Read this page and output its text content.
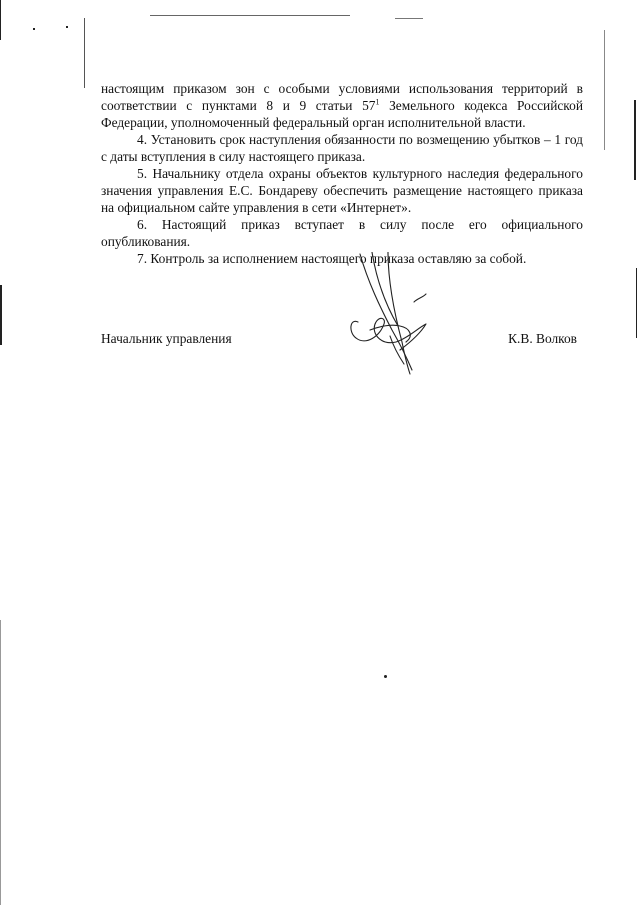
настоящим приказом зон с особыми условиями использования территорий в соответствии с пунктами 8 и 9 статьи $57^1$ Земельного кодекса Российской Федерации, уполномоченный федеральный орган исполнительной власти.

4. Установить срок наступления обязанности по возмещению убытков – 1 год с даты вступления в силу настоящего приказа.

5. Начальнику отдела охраны объектов культурного наследия федерального значения управления Е.С. Бондареву обеспечить размещение настоящего приказа на официальном сайте управления в сети «Интернет».

6. Настоящий приказ вступает в силу после его официального опубликования.

7. Контроль за исполнением настоящего приказа оставляю за собой.

Начальник управления	К.В. Волков
